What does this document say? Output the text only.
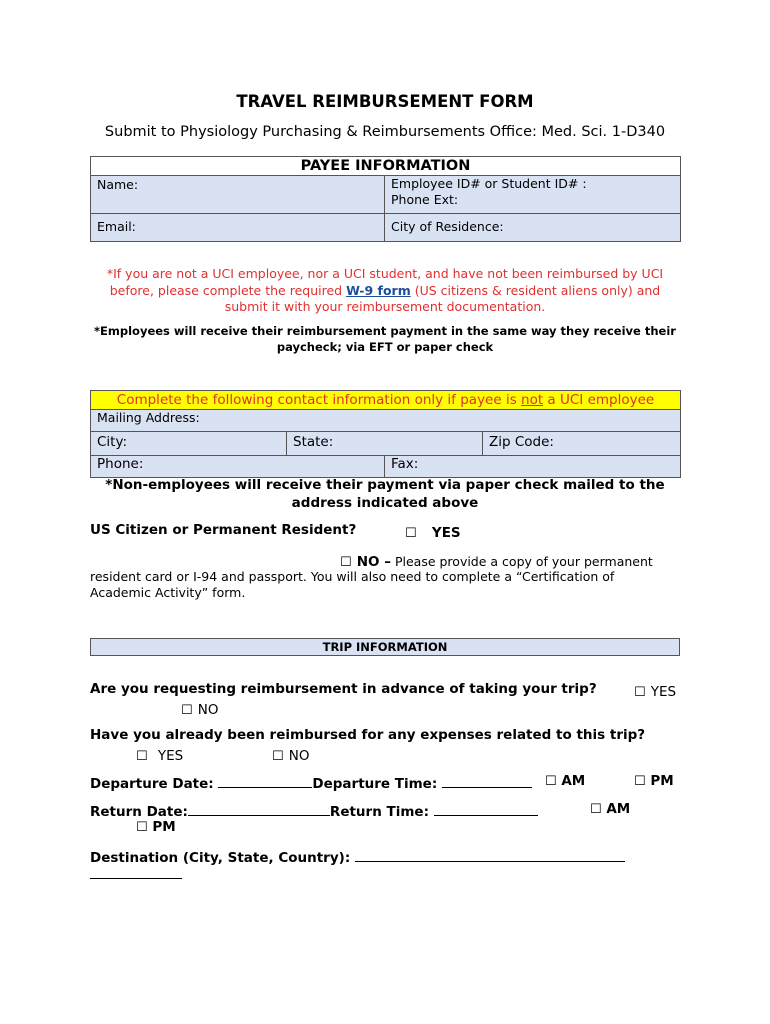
TRAVEL REIMBURSEMENT FORM
Submit to Physiology Purchasing & Reimbursements Office: Med. Sci. 1-D340
PAYEE INFORMATION	

Name:	Employee ID# or Student ID# :
Phone Ext:

Email:	City of Residence:
*If you are not a UCI employee, nor a UCI student, and have not been reimbursed by UCI before, please complete the required W-9 form (US citizens & resident aliens only) and submit it with your reimbursement documentation.
*Employees will receive their reimbursement payment in the same way they receive their paycheck; via EFT or paper check
Complete the following contact information only if payee is not a UCI employee			
Mailing Address:			
City:	State:		Zip Code:
Phone:		Fax:	
*Non-employees will receive their payment via paper check mailed to the address indicated above
US Citizen or Permanent Resident?	☐ YES
☐ NO – Please provide a copy of your permanent
resident card or I-94 and passport. You will also need to complete a “Certification of
Academic Activity” form.
TRIP INFORMATION
Are you requesting reimbursement in advance of taking your trip?	☐ YES
☐ NO
Have you already been reimbursed for any expenses related to this trip?
☐ YES	☐ NO
Departure Date:	Departure Time:	☐ AM	☐ PM
Return Date:	Return Time:	☐ AM
☐ PM
Destination (City, State, Country):
